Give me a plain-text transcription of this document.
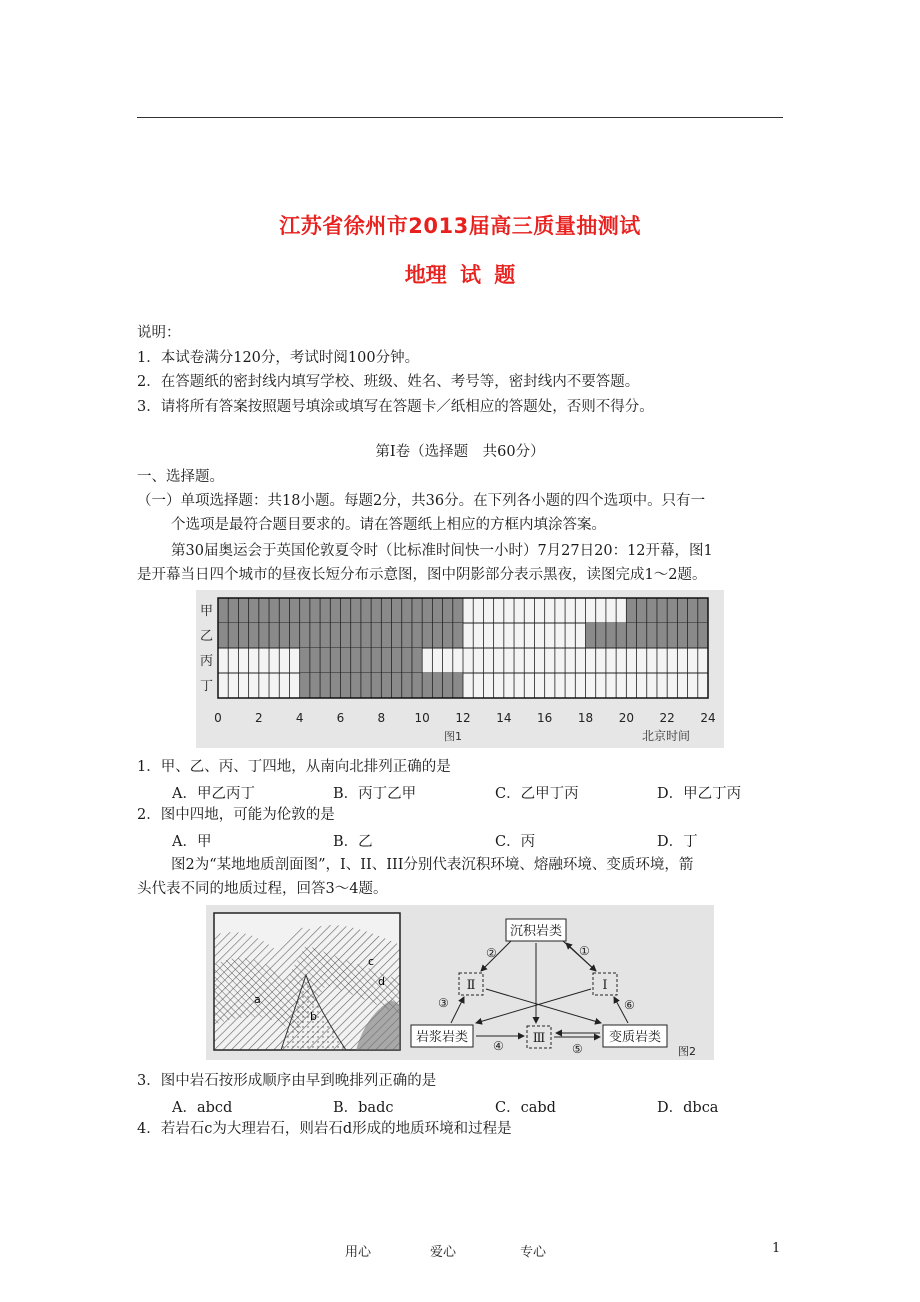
江苏省徐州市2013届高三质量抽测试
地理 试 题
说明：
1．本试卷满分120分，考试时阅100分钟。
2．在答题纸的密封线内填写学校、班级、姓名、考号等，密封线内不要答题。
3．请将所有答案按照题号填涂或填写在答题卡／纸相应的答题处，否则不得分。
第Ⅰ卷（选择题　共60分）
一、选择题。
（一）单项选择题：共18小题。每题2分，共36分。在下列各小题的四个选项中。只有一
个选项是最符合题目要求的。请在答题纸上相应的方框内填涂答案。
第30届奥运会于英国伦敦夏令时（比标准时间快一小时）7月27日20：12开幕，图1
是开幕当日四个城市的昼夜长短分布示意图，图中阴影部分表示黑夜，读图完成1～2题。
甲
乙
丙
丁
0	2	4	6	8 10 12 14 16 18 20 22 24
图1	北京时间
1．甲、乙、丙、丁四地，从南向北排列正确的是
A．甲乙丙丁	B．丙丁乙甲	C．乙甲丁丙	D．甲乙丁丙
2．图中四地，可能为伦敦的是
A．甲	B．乙	C．丙	D．丁
图2为“某地地质剖面图”，I、II、III分别代表沉积环境、熔融环境、变质环境，箭
头代表不同的地质过程，回答3～4题。
a
b
c
d
沉积岩类
岩浆岩类	变质岩类
Ⅱ	Ⅰ
Ⅲ
②	①
③
④	⑤
⑥
图2
3．图中岩石按形成顺序由早到晚排列正确的是
A．abcd	B．badc	C．cabd	D．dbca
4．若岩石c为大理岩石，则岩石d形成的地质环境和过程是
用心	爱心	专心	1
